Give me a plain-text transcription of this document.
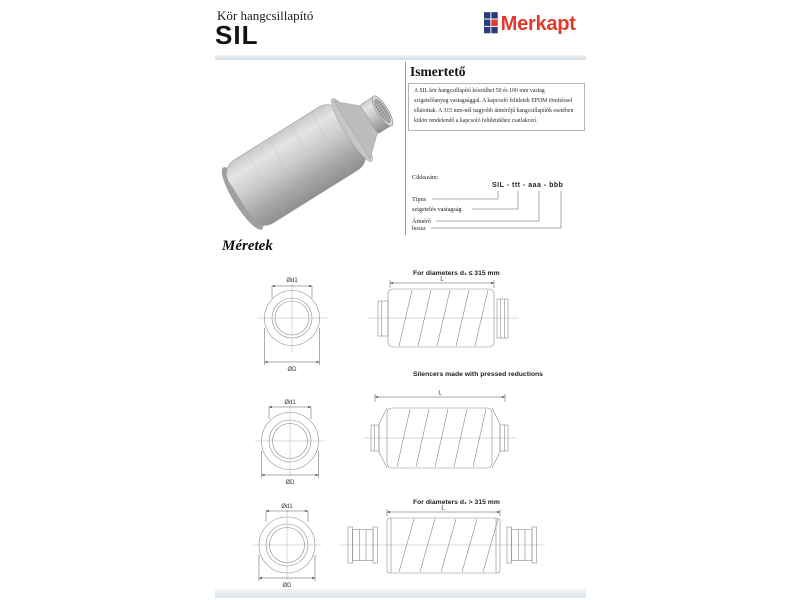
Kör hangcsillapító
SIL	Merkapt
Ismertető

A SIL kör hangcsillapító készülhet 50 és 100 mm vastag szigetelőanyag vastagsággal. A kapcsoló felületek EPDM tömítéssel ellátottak. A 315 mm-nél nagyobb átmérőjű hangcsillapítók esetében külön rendelendő a kapcsoló felületekhez csatlakozó.

Cikkszám:
SIL - ttt - aaa - bbb
Típus
szigetelés vastagság
Átmérő
hossz
Méretek
Ød1
ØD
For diameters d₁ ≤ 315 mm
L
Silencers made with pressed reductions
Ød1
ØD
L
For diameters d₁ > 315 mm
Ød1
ØD
L
